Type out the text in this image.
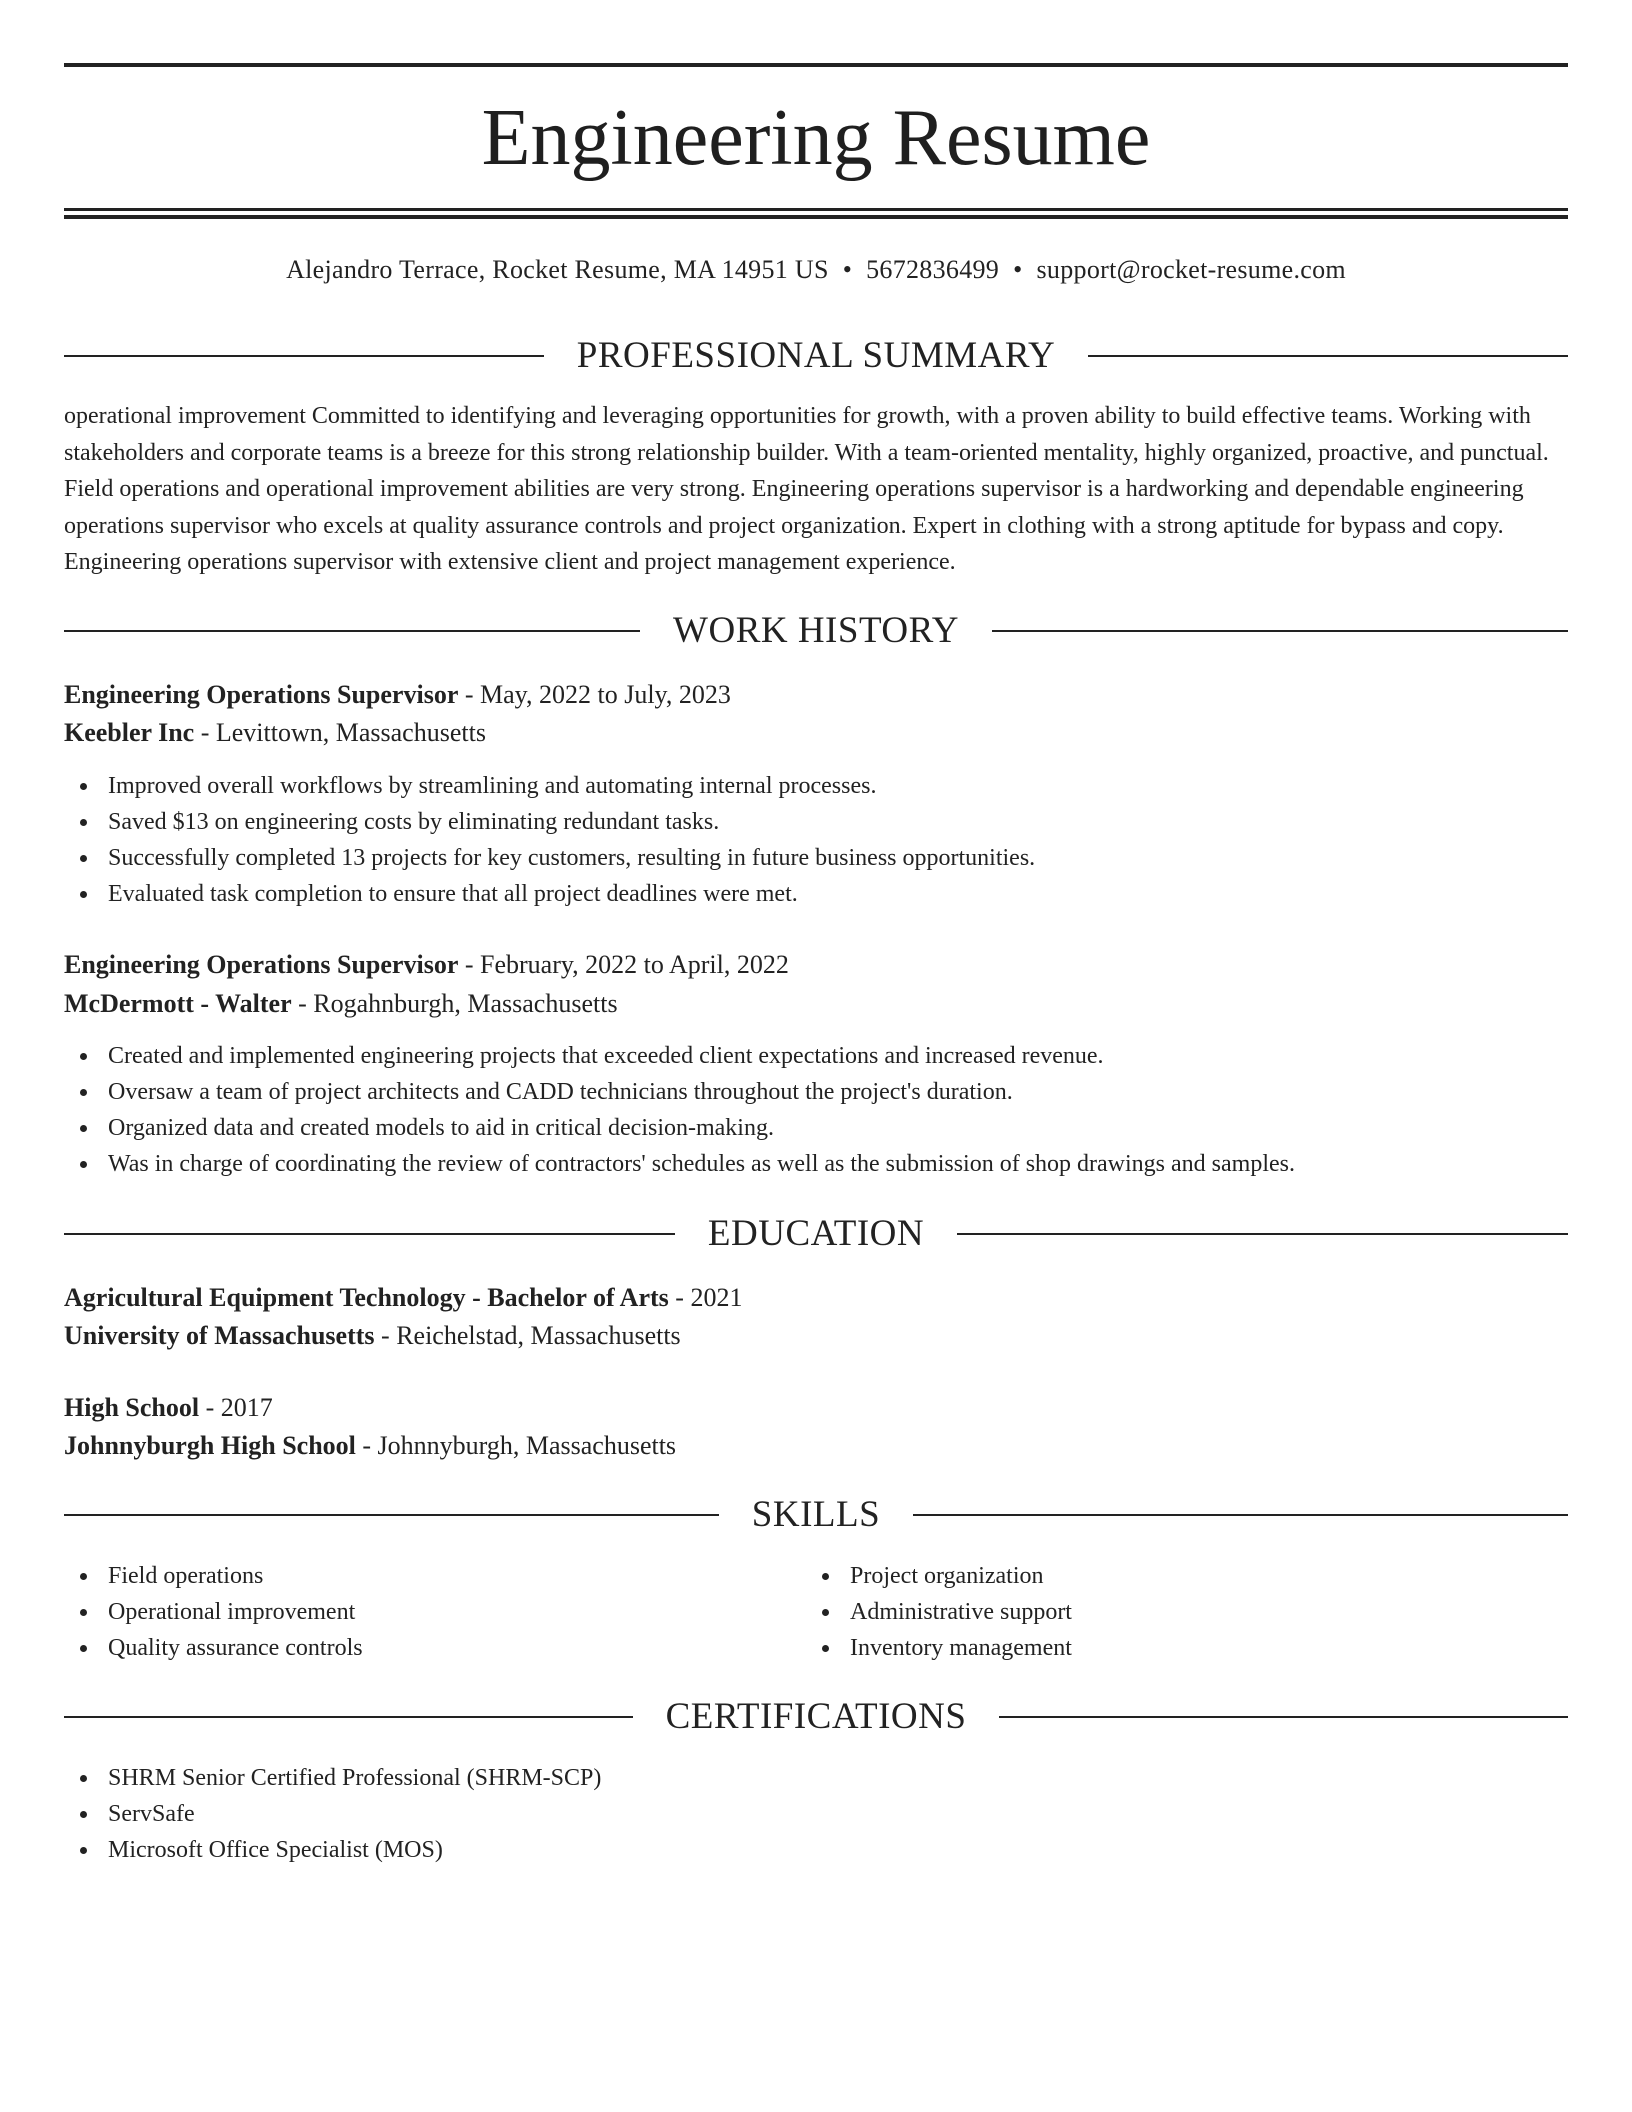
Engineering Resume
Alejandro Terrace, Rocket Resume, MA 14951 US • 5672836499 • support@rocket-resume.com
PROFESSIONAL SUMMARY

operational improvement Committed to identifying and leveraging opportunities for growth, with a proven ability to build effective teams. Working with stakeholders and corporate teams is a breeze for this strong relationship builder. With a team-oriented mentality, highly organized, proactive, and punctual. Field operations and operational improvement abilities are very strong. Engineering operations supervisor is a hardworking and dependable engineering operations supervisor who excels at quality assurance controls and project organization. Expert in clothing with a strong aptitude for bypass and copy. Engineering operations supervisor with extensive client and project management experience.

WORK HISTORY
Engineering Operations Supervisor - May, 2022 to July, 2023
Keebler Inc - Levittown, Massachusetts
Improved overall workflows by streamlining and automating internal processes.
Saved $13 on engineering costs by eliminating redundant tasks.
Successfully completed 13 projects for key customers, resulting in future business opportunities.
Evaluated task completion to ensure that all project deadlines were met.
Engineering Operations Supervisor - February, 2022 to April, 2022
McDermott - Walter - Rogahnburgh, Massachusetts
Created and implemented engineering projects that exceeded client expectations and increased revenue.
Oversaw a team of project architects and CADD technicians throughout the project's duration.
Organized data and created models to aid in critical decision-making.
Was in charge of coordinating the review of contractors' schedules as well as the submission of shop drawings and samples.
EDUCATION
Agricultural Equipment Technology - Bachelor of Arts - 2021
University of Massachusetts - Reichelstad, Massachusetts
High School - 2017
Johnnyburgh High School - Johnnyburgh, Massachusetts
SKILLS
Field operations
Operational improvement
Quality assurance controls
Project organization
Administrative support
Inventory management
CERTIFICATIONS
SHRM Senior Certified Professional (SHRM-SCP)
ServSafe
Microsoft Office Specialist (MOS)
